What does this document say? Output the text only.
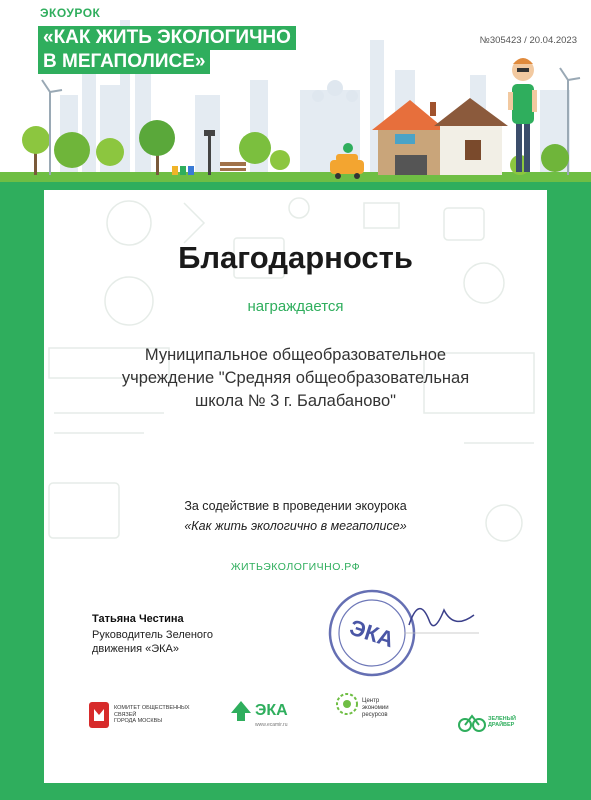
ЭКОУРОК
«КАК ЖИТЬ ЭКОЛОГИЧНО
В МЕГАПОЛИСЕ»
№305423 / 20.04.2023
Благодарность
награждается
Муниципальное общеобразовательное
учреждение "Средняя общеобразовательная
школа № 3 г. Балабаново"
За содействие в проведении экоурока
«Как жить экологично в мегаполисе»
ЖИТЬЭКОЛОГИЧНО.РФ
Татьяна Честина
Руководитель Зеленого
движения «ЭКА»	ЭКА
КОМИТЕТ ОБЩЕСТВЕННЫХ
СВЯЗЕЙ
ГОРОДА МОСКВЫ
ЭКА
www.ecamir.ru
Центр
экономии
ресурсов
ЗЕЛЕНЫЙ
ДРАЙВЕР
